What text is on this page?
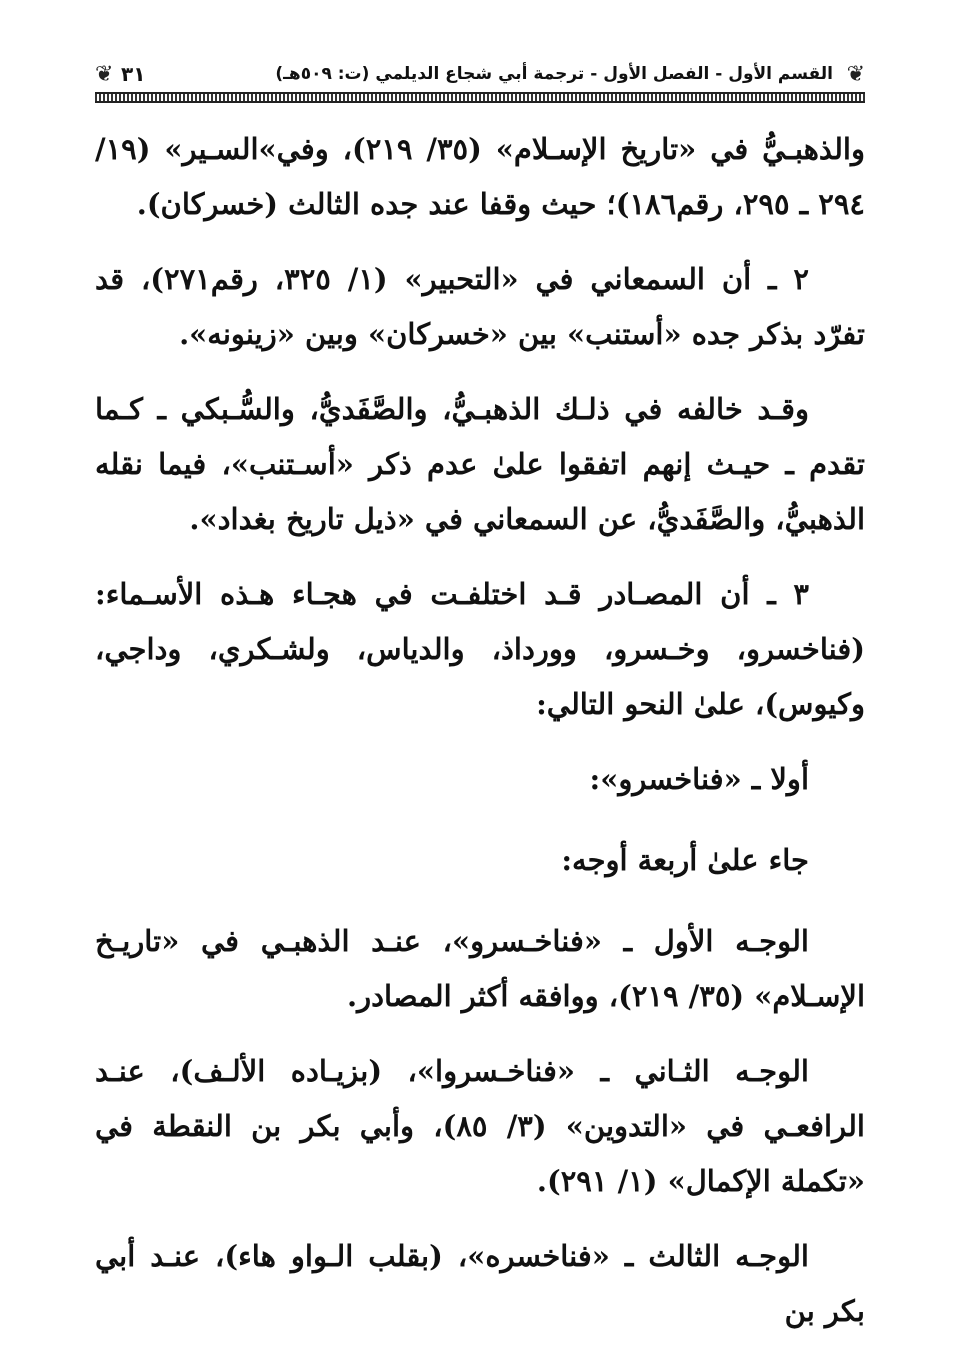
❦
القسم الأول - الفصل الأول - ترجمة أبي شجاع الديلمي (ت: ٥٠٩هـ)
٣١
❦

والذهبـيُّ في «تاريخ الإسـلام» (٣٥/ ٢١٩)، وفي»السـير» (١٩/ ٢٩٤ ـ ٢٩٥، رقم١٨٦)؛ حيث وقفا عند جده الثالث (خسركان).

٢ ـ أن السمعاني في «التحبير» (١/ ٣٢٥، رقم٢٧١)، قد تفرّد بذكر جده «أستنب» بين «خسركان» وبين «زينونه».

وقـد خالفه في ذلـك الذهبـيُّ، والصَّفَديُّ، والسُّـبكي ـ كـما تقدم ـ حيـث إنهم اتفقوا علىٰ عدم ذكر «أسـتنب»، فيما نقله الذهبيُّ، والصَّفَديُّ، عن السمعاني في «ذيل تاريخ بغداد».

٣ ـ أن المصـادر قـد اختلفـت في هجـاء هـذه الأسـماء: (فناخسرو، وخـسرو، وورداذ، والدياس، ولشـكري، وداجي، وكيوس)، علىٰ النحو التالي:

أولا ـ «فناخسرو»:

جاء علىٰ أربعة أوجه:

الوجـه الأول ـ «فناخـسرو»، عنـد الذهبـي في «تاريـخ الإسـلام» (٣٥/ ٢١٩)، ووافقه أكثر المصادر.

الوجـه الثـاني ـ «فناخـسروا»، (بزيـاده الألـف)، عنـد الرافعـي في «التدوين» (٣/ ٨٥)، وأبي بكر بن النقطة في «تكملة الإكمال» (١/ ٢٩١).

الوجـه الثالث ـ «فناخسره»، (بقلب الـواو هاء)، عنـد أبي بكر بن
